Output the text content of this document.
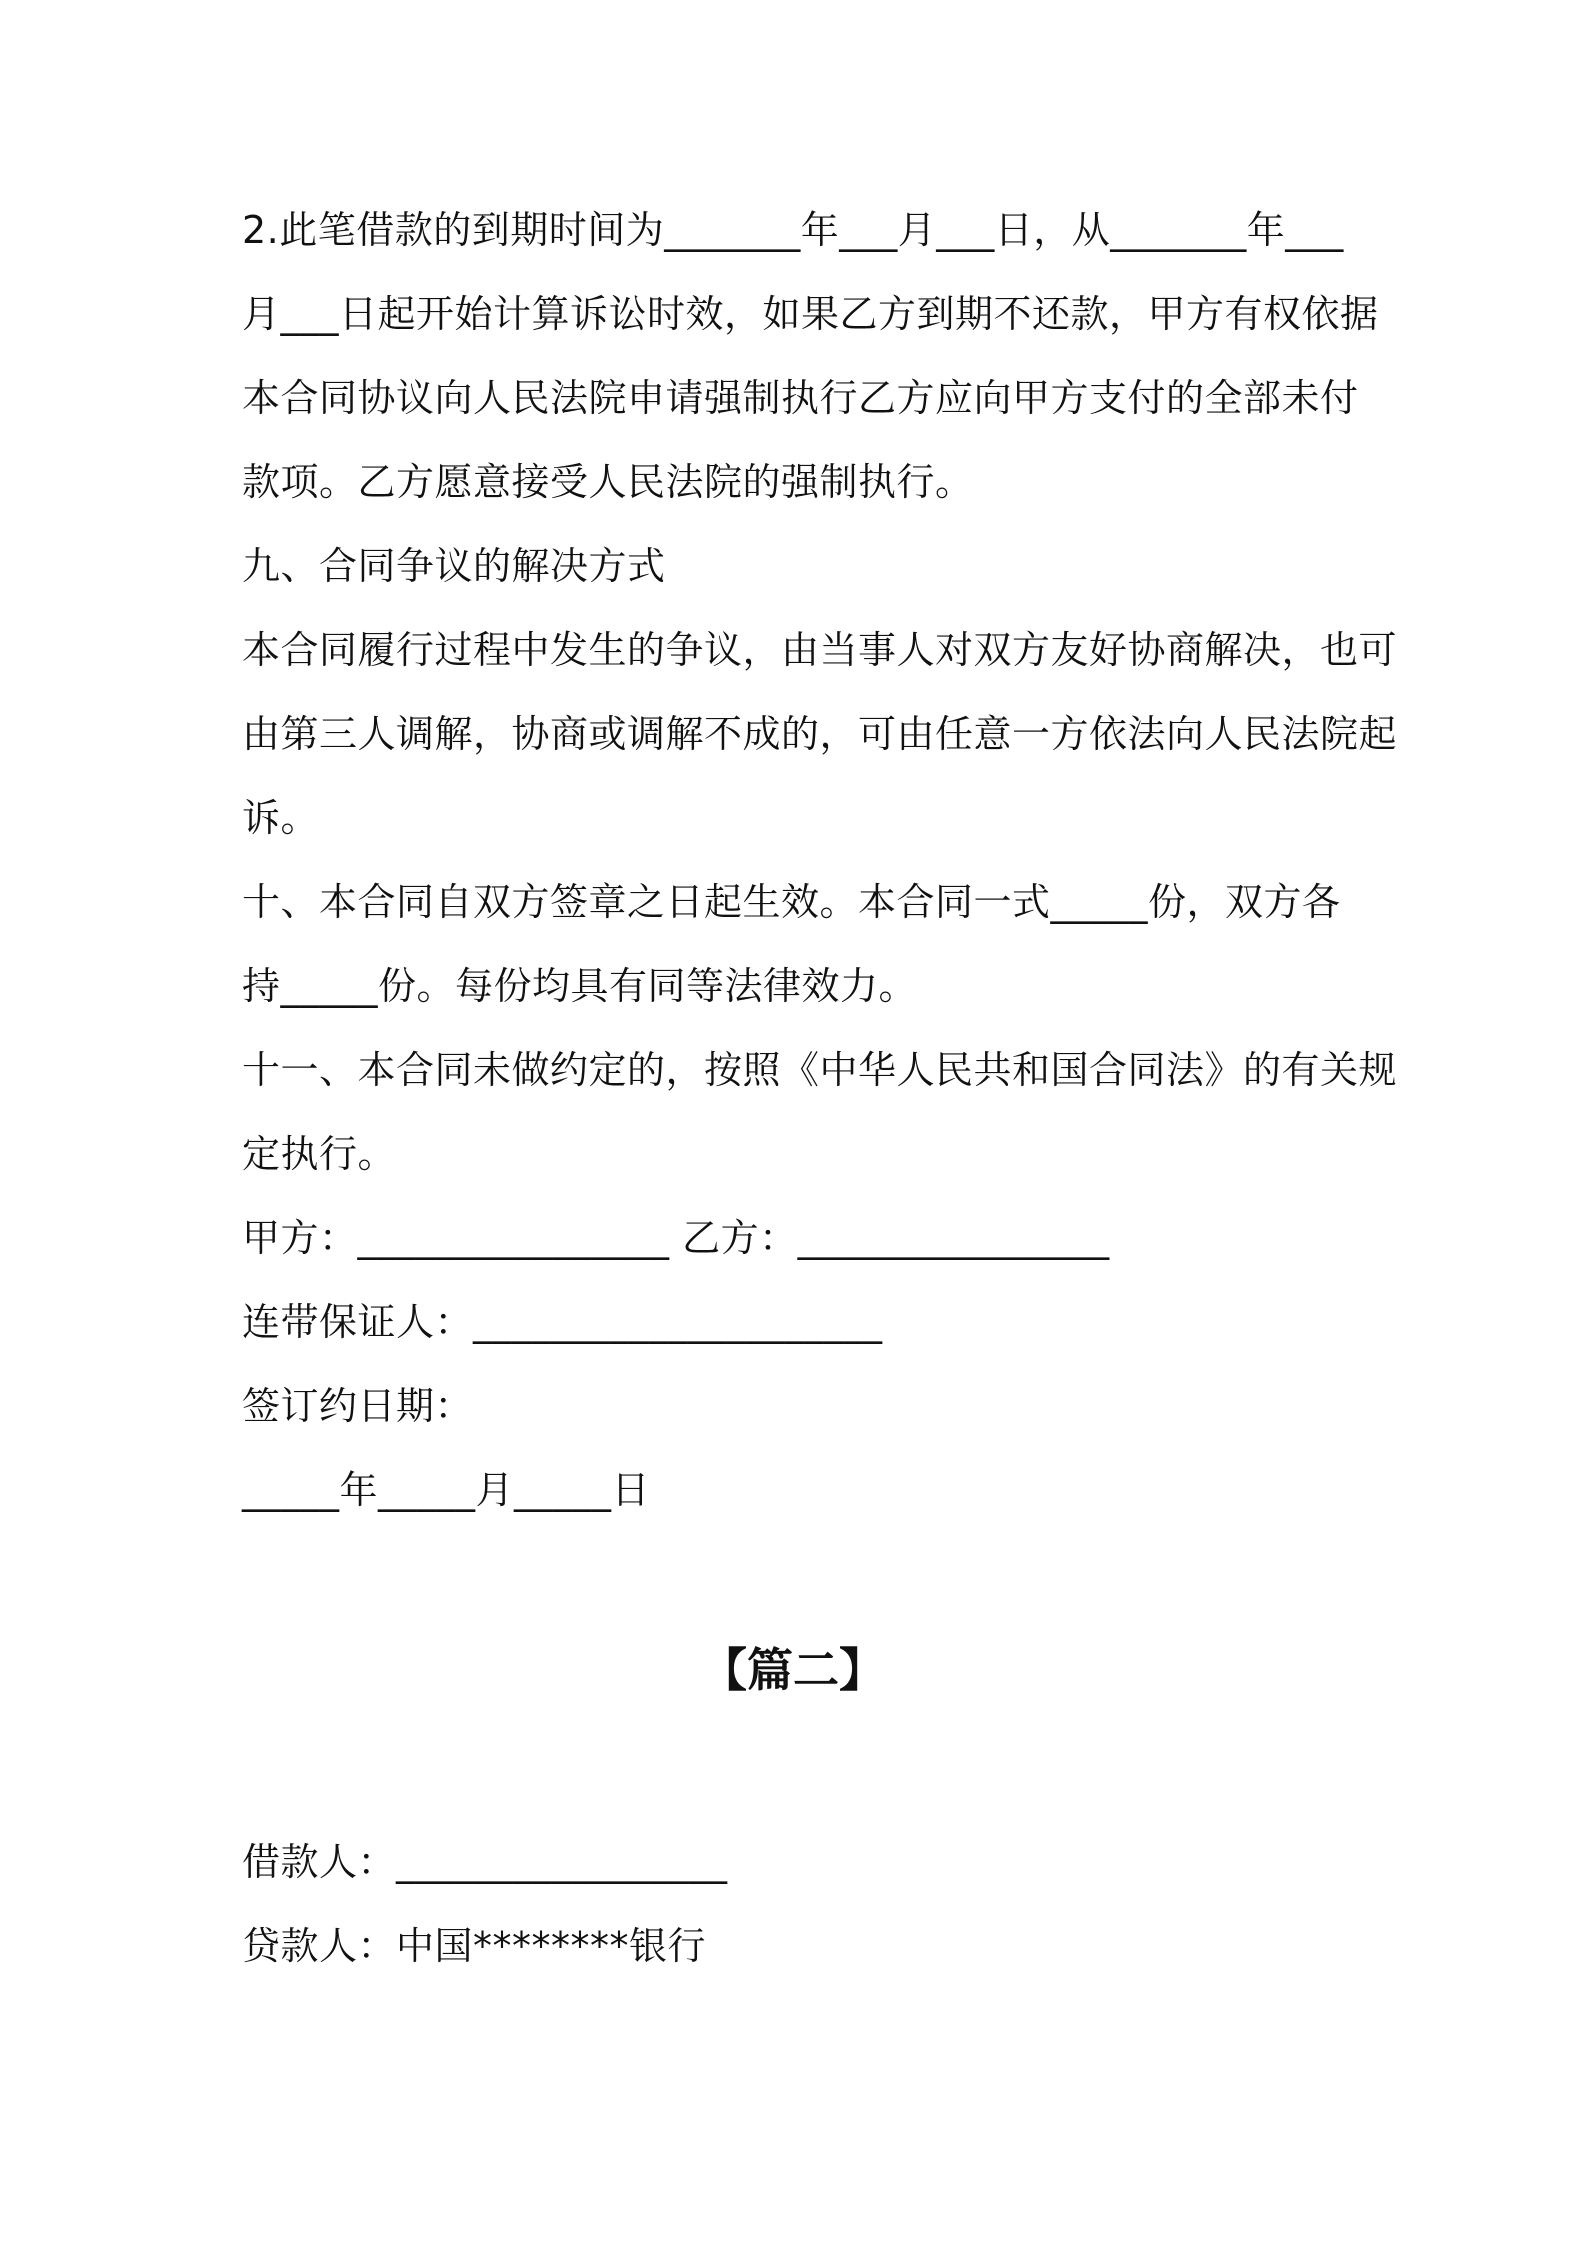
2.此笔借款的到期时间为_______年___月___日，从_______年___
月___日起开始计算诉讼时效，如果乙方到期不还款，甲方有权依据
本合同协议向人民法院申请强制执行乙方应向甲方支付的全部未付
款项。乙方愿意接受人民法院的强制执行。
九、合同争议的解决方式
本合同履行过程中发生的争议，由当事人对双方友好协商解决，也可
由第三人调解，协商或调解不成的，可由任意一方依法向人民法院起
诉。
十、本合同自双方签章之日起生效。本合同一式_____份，双方各
持_____份。每份均具有同等法律效力。
十一、本合同未做约定的，按照《中华人民共和国合同法》的有关规
定执行。
甲方：________________ 乙方：________________
连带保证人：_____________________
签订约日期：
_____年_____月_____日
【篇二】
借款人：_________________
贷款人：中国********银行
